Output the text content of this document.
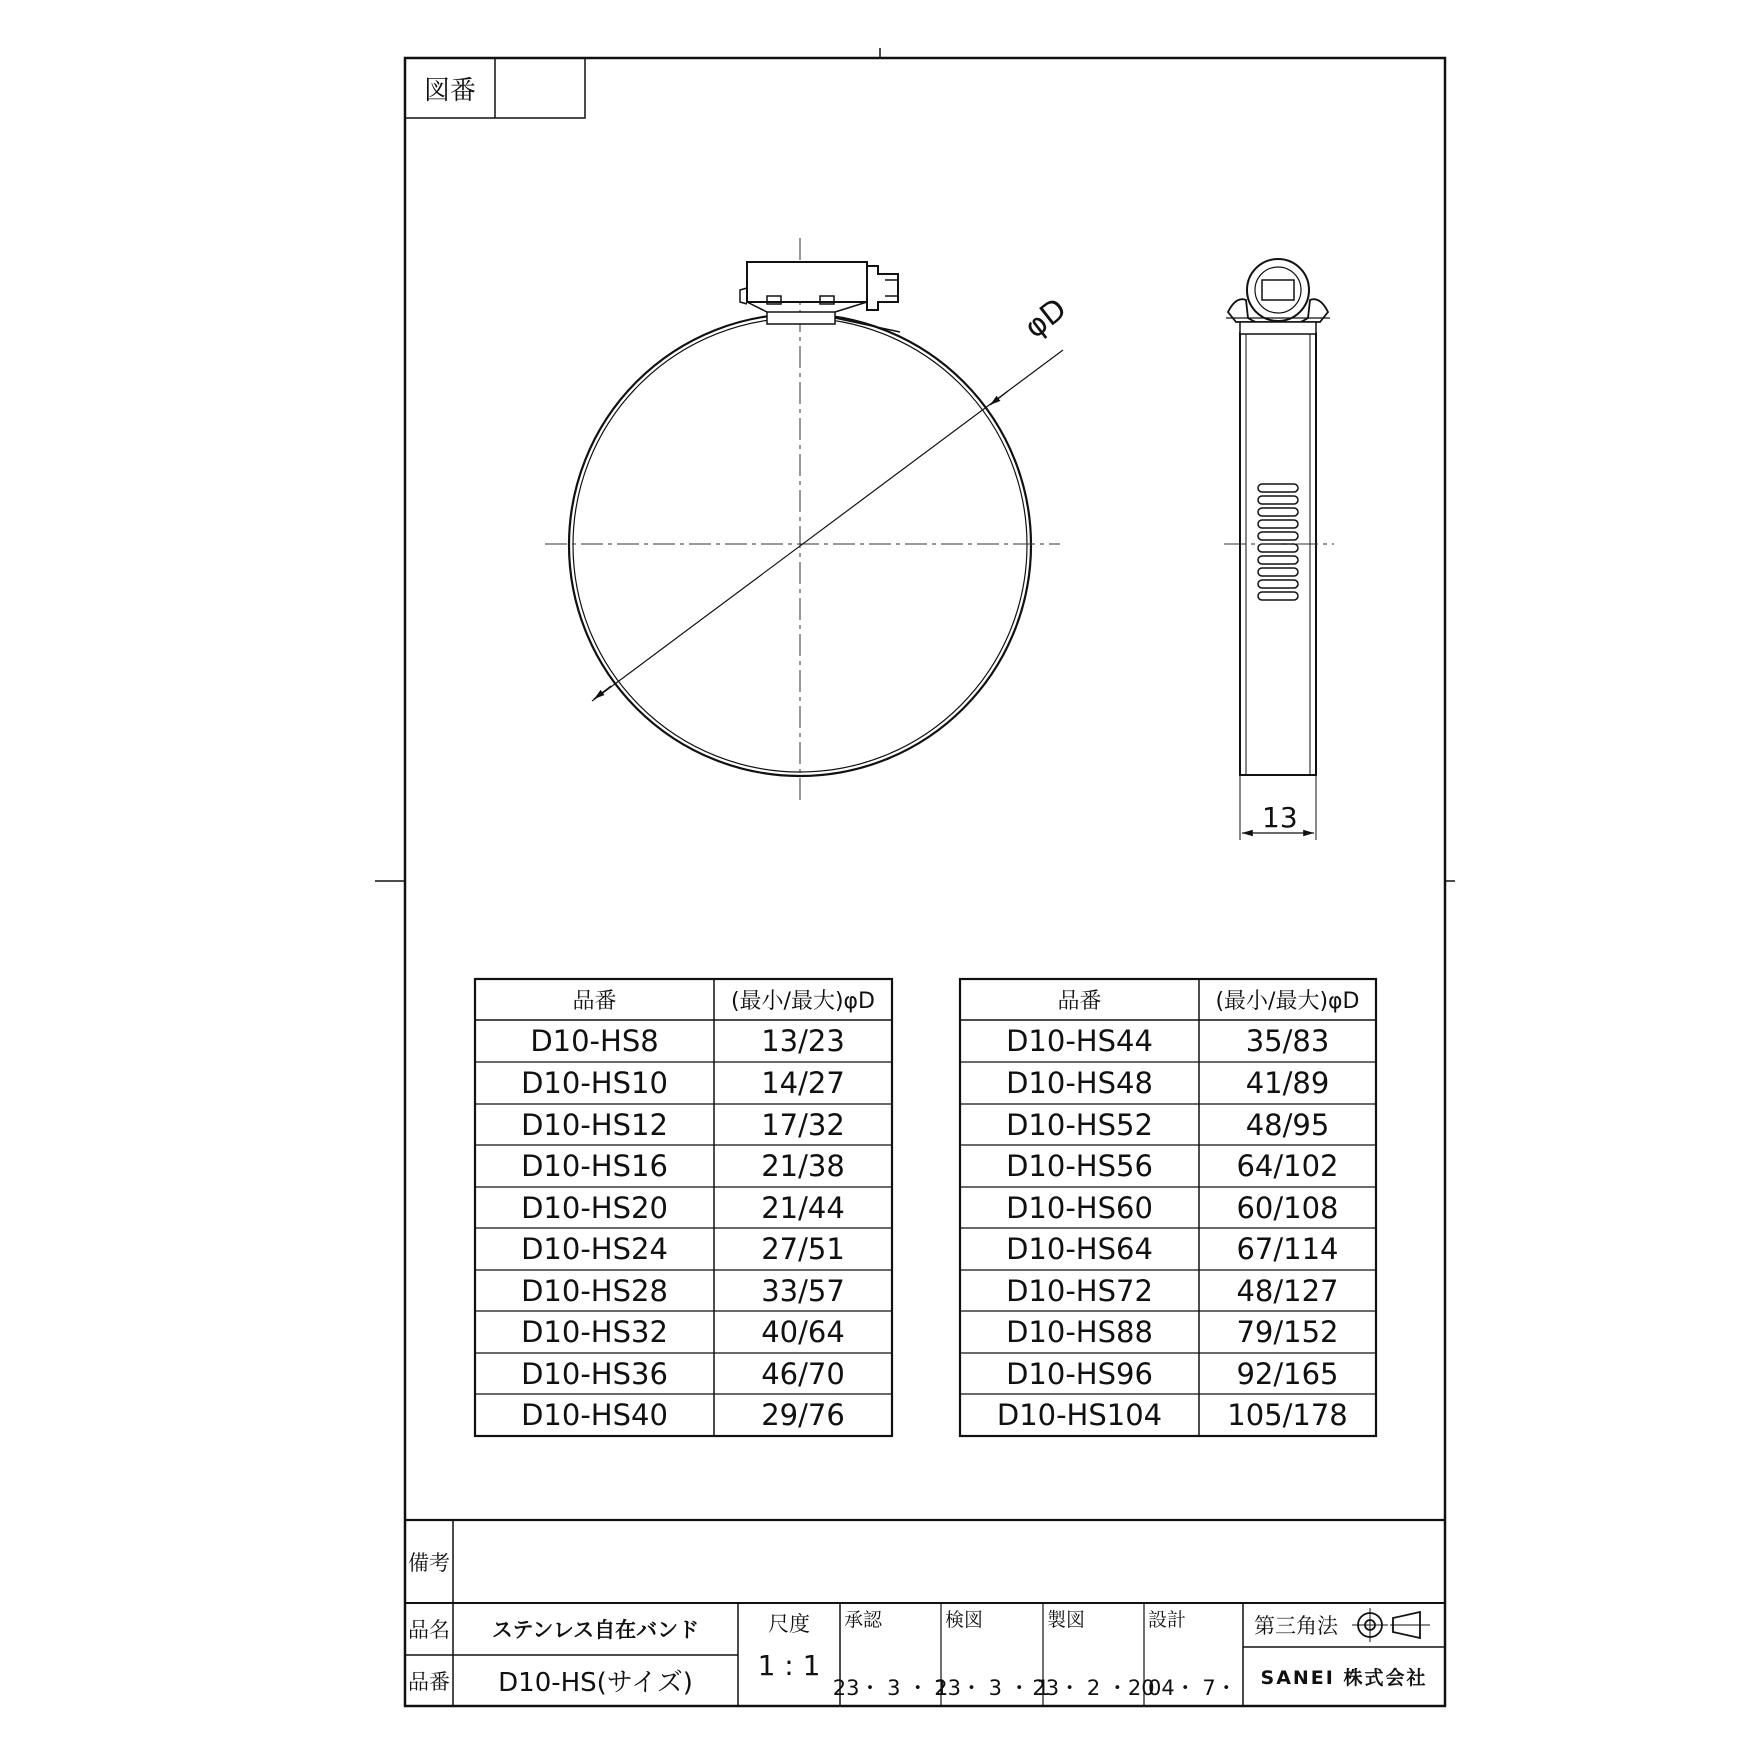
図番
φD
13
品番	(最小/最大)φD
D10-HS8	13/23
D10-HS10	14/27
D10-HS12	17/32
D10-HS16	21/38
D10-HS20	21/44
D10-HS24	27/51
D10-HS28	33/57
D10-HS32	40/64
D10-HS36	46/70
D10-HS40	29/76
品番	(最小/最大)φD
D10-HS44	35/83
D10-HS48	41/89
D10-HS52	48/95
D10-HS56	64/102
D10-HS60	60/108
D10-HS64	67/114
D10-HS72	48/127
D10-HS88	79/152
D10-HS96	92/165
D10-HS104	105/178
備考
品名	ステンレス自在バンド
品番	D10-HS(サイズ)
尺度
1 : 1
承認
23・ 3 ・ 1
検図
23・ 3 ・ 1
製図
23・ 2 ・20
設計
04・ 7・
第三角法
SANEI 株式会社
